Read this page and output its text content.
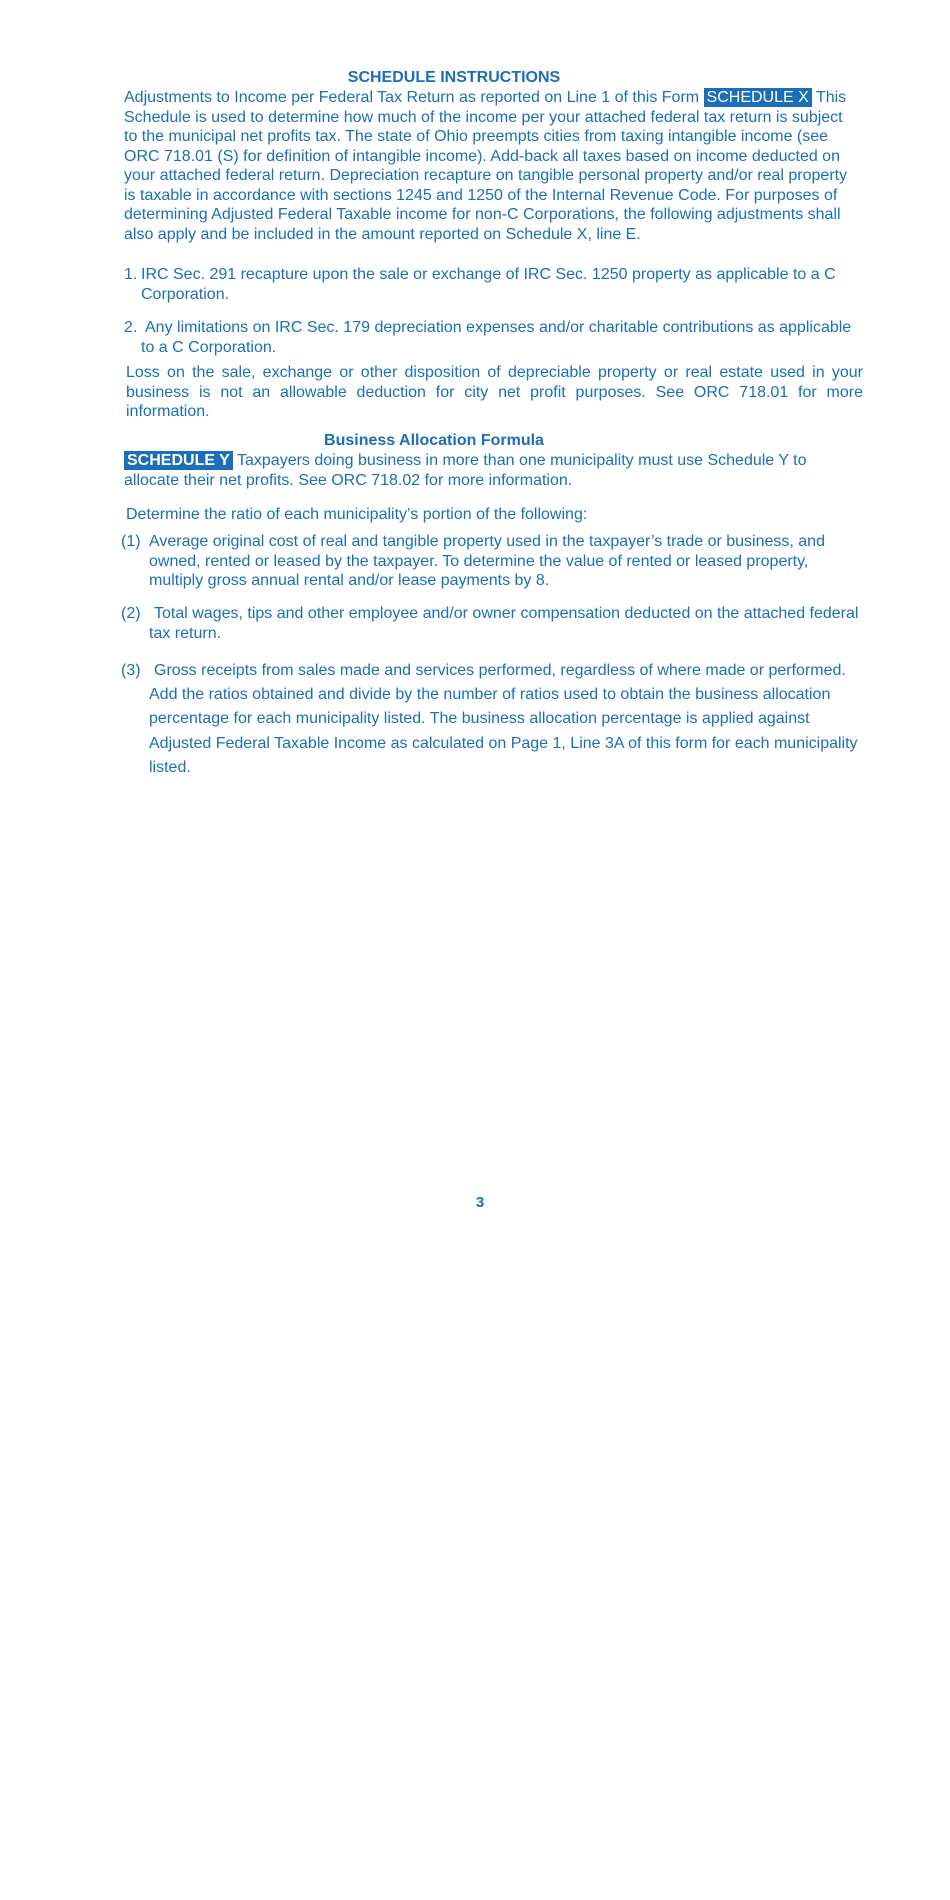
SCHEDULE INSTRUCTIONS
Adjustments to Income per Federal Tax Return as reported on Line 1 of this Form SCHEDULE X This Schedule is used to determine how much of the income per your attached federal tax return is subject to the municipal net profits tax. The state of Ohio preempts cities from taxing intangible income (see ORC 718.01 (S) for definition of intangible income). Add-back all taxes based on income deducted on your attached federal return. Depreciation recapture on tangible personal property and/or real property is taxable in accordance with sections 1245 and 1250 of the Internal Revenue Code. For purposes of determining Adjusted Federal Taxable income for non-C Corporations, the following adjustments shall also apply and be included in the amount reported on Schedule X, line E.
1. IRC Sec. 291 recapture upon the sale or exchange of IRC Sec. 1250 property as applicable to a C Corporation.
2. Any limitations on IRC Sec. 179 depreciation expenses and/or charitable contributions as applicable to a C Corporation.
Loss on the sale, exchange or other disposition of depreciable property or real estate used in your business is not an allowable deduction for city net profit purposes. See ORC 718.01 for more information.
Business Allocation Formula
SCHEDULE Y Taxpayers doing business in more than one municipality must use Schedule Y to allocate their net profits. See ORC 718.02 for more information.
Determine the ratio of each municipality’s portion of the following:
(1) Average original cost of real and tangible property used in the taxpayer’s trade or business, and owned, rented or leased by the taxpayer. To determine the value of rented or leased property, multiply gross annual rental and/or lease payments by 8.
(2) Total wages, tips and other employee and/or owner compensation deducted on the attached federal tax return.
(3) Gross receipts from sales made and services performed, regardless of where made or performed. Add the ratios obtained and divide by the number of ratios used to obtain the business allocation percentage for each municipality listed. The business allocation percentage is applied against Adjusted Federal Taxable Income as calculated on Page 1, Line 3A of this form for each municipality listed.
3
